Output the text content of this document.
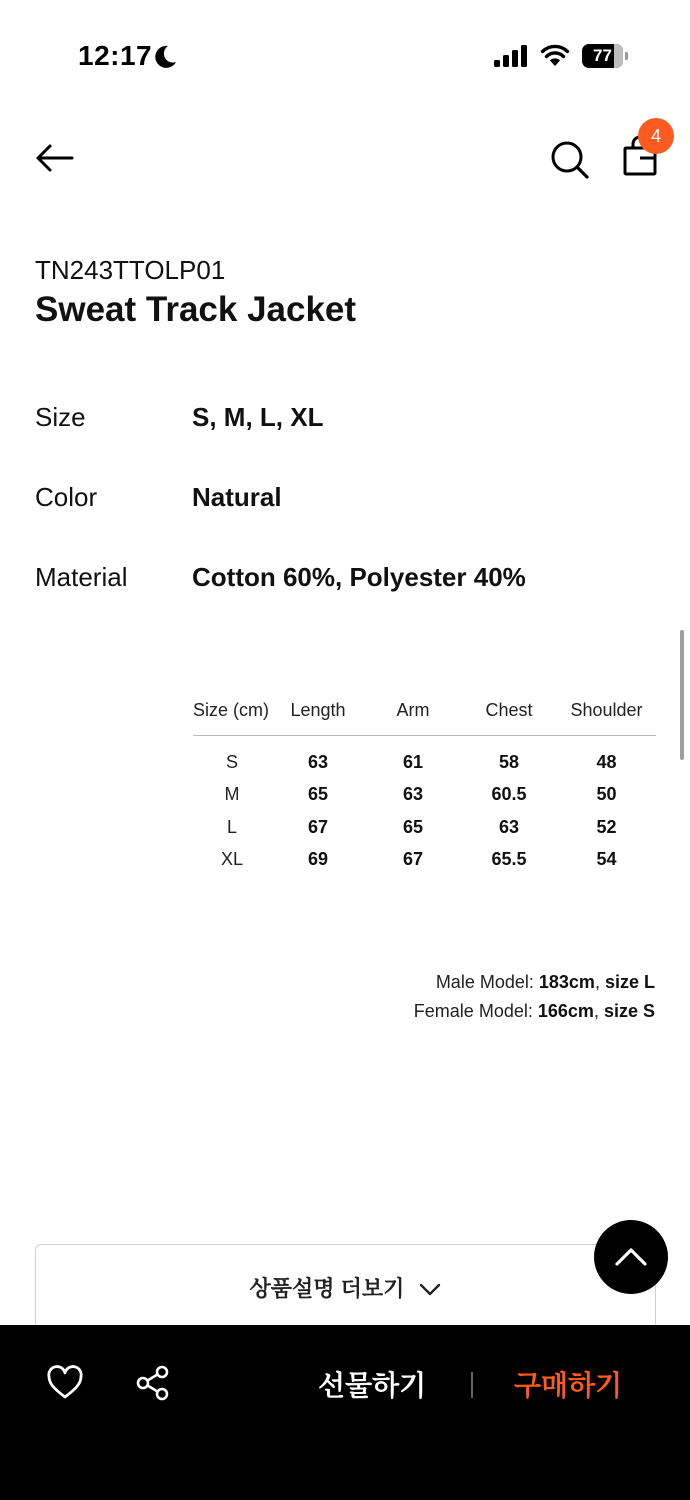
12:17	77
4
TN243TTOLP01
Sweat Track Jacket
Size	S, M, L, XL
Color	Natural
Material Cotton 60%, Polyester 40%
Size (cm)	Length	Arm	Chest	Shoulder
S	63	61	58	48
M	65	63	60.5	50
L	67	65	63	52
XL	69	67	65.5	54
Male Model: 183cm, size L
Female Model: 166cm, size S
상품설명 더보기
선물하기	구매하기
